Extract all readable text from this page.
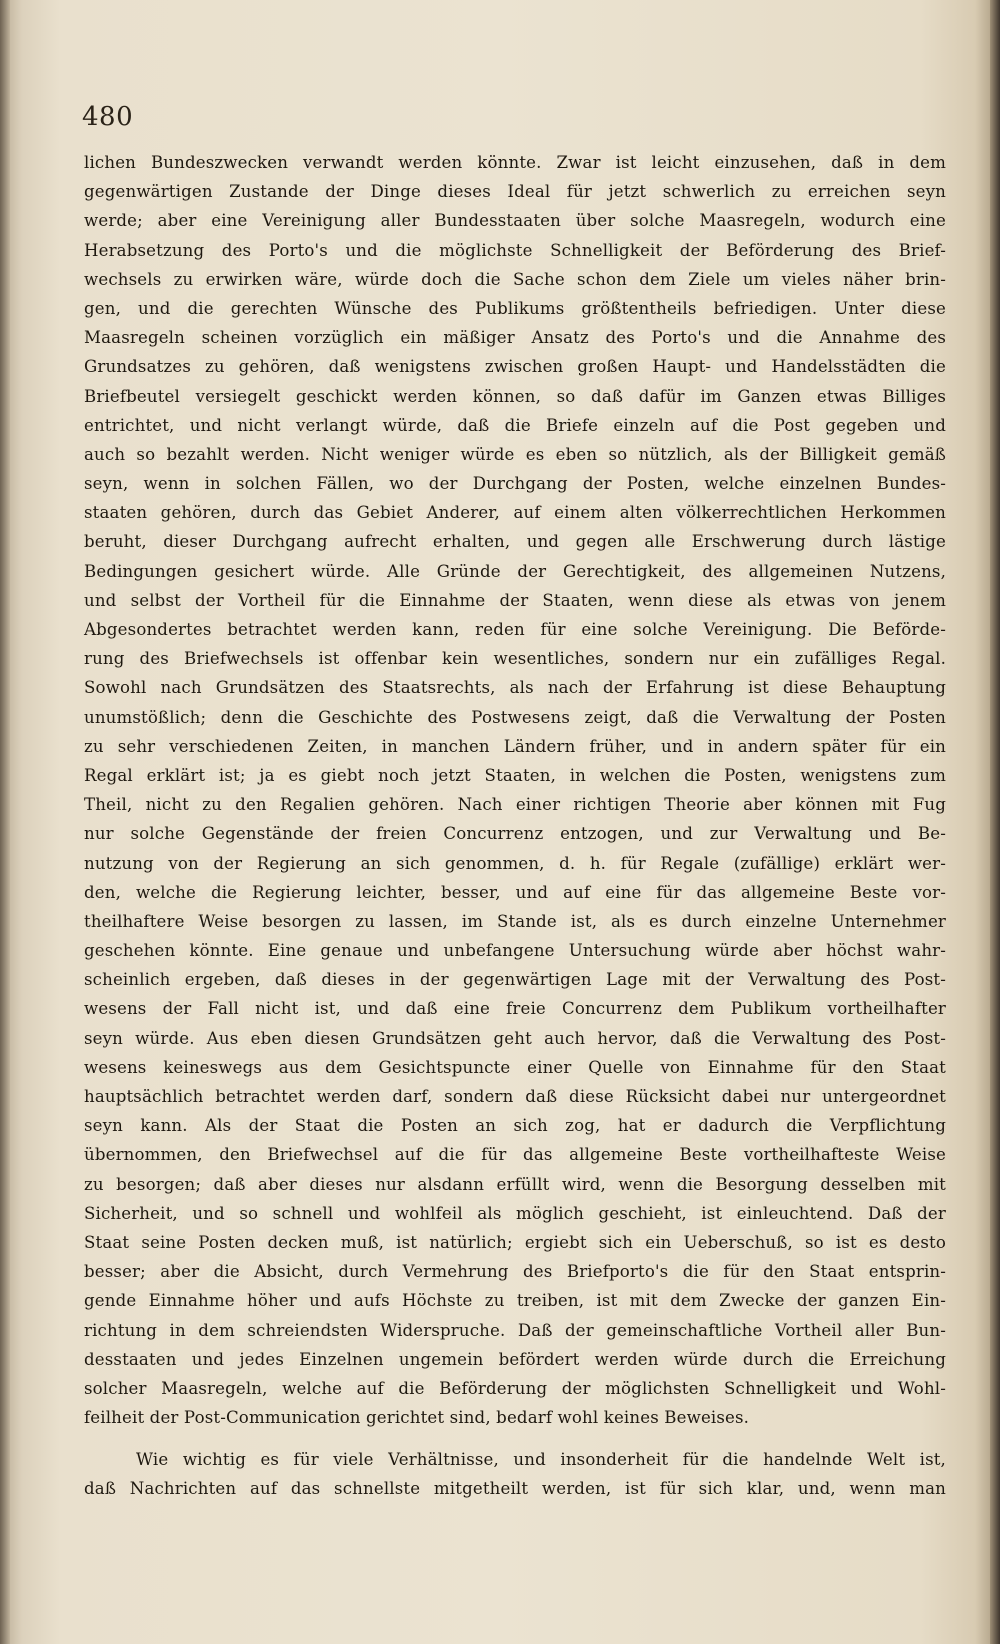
480
lichen Bundeszwecken verwandt werden könnte. Zwar ist leicht einzusehen, daß in dem
gegenwärtigen Zustande der Dinge dieses Ideal für jetzt schwerlich zu erreichen seyn
werde; aber eine Vereinigung aller Bundesstaaten über solche Maasregeln, wodurch eine
Herabsetzung des Porto's und die möglichste Schnelligkeit der Beförderung des Brief-
wechsels zu erwirken wäre, würde doch die Sache schon dem Ziele um vieles näher brin-
gen, und die gerechten Wünsche des Publikums größtentheils befriedigen. Unter diese
Maasregeln scheinen vorzüglich ein mäßiger Ansatz des Porto's und die Annahme des
Grundsatzes zu gehören, daß wenigstens zwischen großen Haupt- und Handelsstädten die
Briefbeutel versiegelt geschickt werden können, so daß dafür im Ganzen etwas Billiges
entrichtet, und nicht verlangt würde, daß die Briefe einzeln auf die Post gegeben und
auch so bezahlt werden. Nicht weniger würde es eben so nützlich, als der Billigkeit gemäß
seyn, wenn in solchen Fällen, wo der Durchgang der Posten, welche einzelnen Bundes-
staaten gehören, durch das Gebiet Anderer, auf einem alten völkerrechtlichen Herkommen
beruht, dieser Durchgang aufrecht erhalten, und gegen alle Erschwerung durch lästige
Bedingungen gesichert würde. Alle Gründe der Gerechtigkeit, des allgemeinen Nutzens,
und selbst der Vortheil für die Einnahme der Staaten, wenn diese als etwas von jenem
Abgesondertes betrachtet werden kann, reden für eine solche Vereinigung. Die Beförde-
rung des Briefwechsels ist offenbar kein wesentliches, sondern nur ein zufälliges Regal.
Sowohl nach Grundsätzen des Staatsrechts, als nach der Erfahrung ist diese Behauptung
unumstößlich; denn die Geschichte des Postwesens zeigt, daß die Verwaltung der Posten
zu sehr verschiedenen Zeiten, in manchen Ländern früher, und in andern später für ein
Regal erklärt ist; ja es giebt noch jetzt Staaten, in welchen die Posten, wenigstens zum
Theil, nicht zu den Regalien gehören. Nach einer richtigen Theorie aber können mit Fug
nur solche Gegenstände der freien Concurrenz entzogen, und zur Verwaltung und Be-
nutzung von der Regierung an sich genommen, d. h. für Regale (zufällige) erklärt wer-
den, welche die Regierung leichter, besser, und auf eine für das allgemeine Beste vor-
theilhaftere Weise besorgen zu lassen, im Stande ist, als es durch einzelne Unternehmer
geschehen könnte. Eine genaue und unbefangene Untersuchung würde aber höchst wahr-
scheinlich ergeben, daß dieses in der gegenwärtigen Lage mit der Verwaltung des Post-
wesens der Fall nicht ist, und daß eine freie Concurrenz dem Publikum vortheilhafter
seyn würde. Aus eben diesen Grundsätzen geht auch hervor, daß die Verwaltung des Post-
wesens keineswegs aus dem Gesichtspuncte einer Quelle von Einnahme für den Staat
hauptsächlich betrachtet werden darf, sondern daß diese Rücksicht dabei nur untergeordnet
seyn kann. Als der Staat die Posten an sich zog, hat er dadurch die Verpflichtung
übernommen, den Briefwechsel auf die für das allgemeine Beste vortheilhafteste Weise
zu besorgen; daß aber dieses nur alsdann erfüllt wird, wenn die Besorgung desselben mit
Sicherheit, und so schnell und wohlfeil als möglich geschieht, ist einleuchtend. Daß der
Staat seine Posten decken muß, ist natürlich; ergiebt sich ein Ueberschuß, so ist es desto
besser; aber die Absicht, durch Vermehrung des Briefporto's die für den Staat entsprin-
gende Einnahme höher und aufs Höchste zu treiben, ist mit dem Zwecke der ganzen Ein-
richtung in dem schreiendsten Widerspruche. Daß der gemeinschaftliche Vortheil aller Bun-
desstaaten und jedes Einzelnen ungemein befördert werden würde durch die Erreichung
solcher Maasregeln, welche auf die Beförderung der möglichsten Schnelligkeit und Wohl-
feilheit der Post-Communication gerichtet sind, bedarf wohl keines Beweises.
Wie wichtig es für viele Verhältnisse, und insonderheit für die handelnde Welt ist,
daß Nachrichten auf das schnellste mitgetheilt werden, ist für sich klar, und, wenn man
